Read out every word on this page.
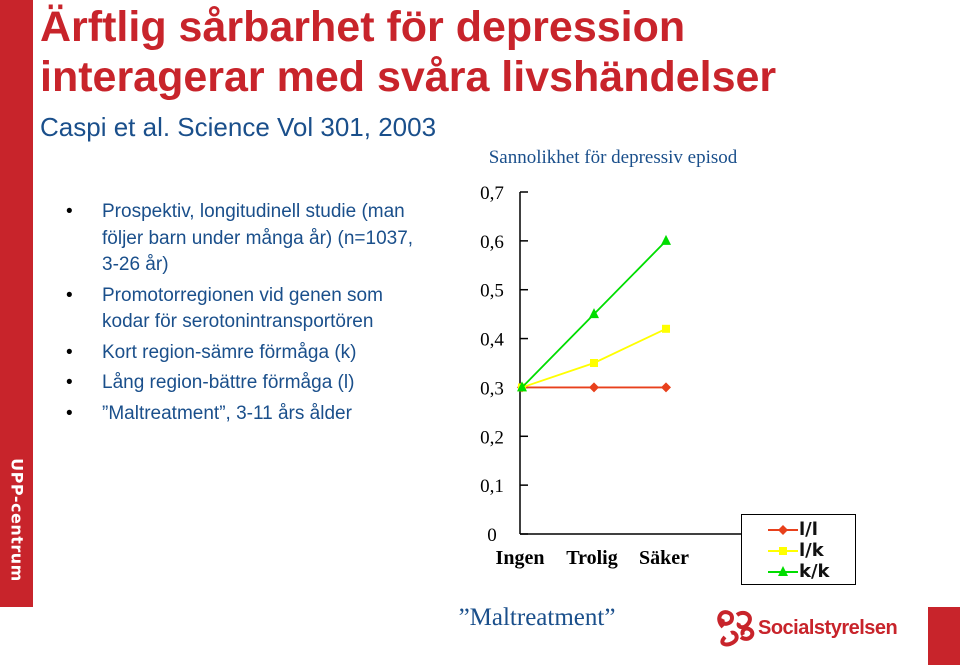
UPP-centrum
Ärftlig sårbarhet för depression
interagerar med svåra livshändelser

Caspi et al. Science Vol 301, 2003

• Prospektiv, longitudinell studie (man följer barn under många år) (n=1037, 3-26 år)
• Promotorregionen vid genen som kodar för serotonintransportören
• Kort region-sämre förmåga (k)
• Lång region-bättre förmåga (l)
• ”Maltreatment”, 3-11 års ålder
Sannolikhet för depressiv episod
”Maltreatment”
0
0,1
0,2
0,3
0,4
0,5
0,6
0,7
Ingen Trolig Säker
l/l
l/k
k/k
Socialstyrelsen
